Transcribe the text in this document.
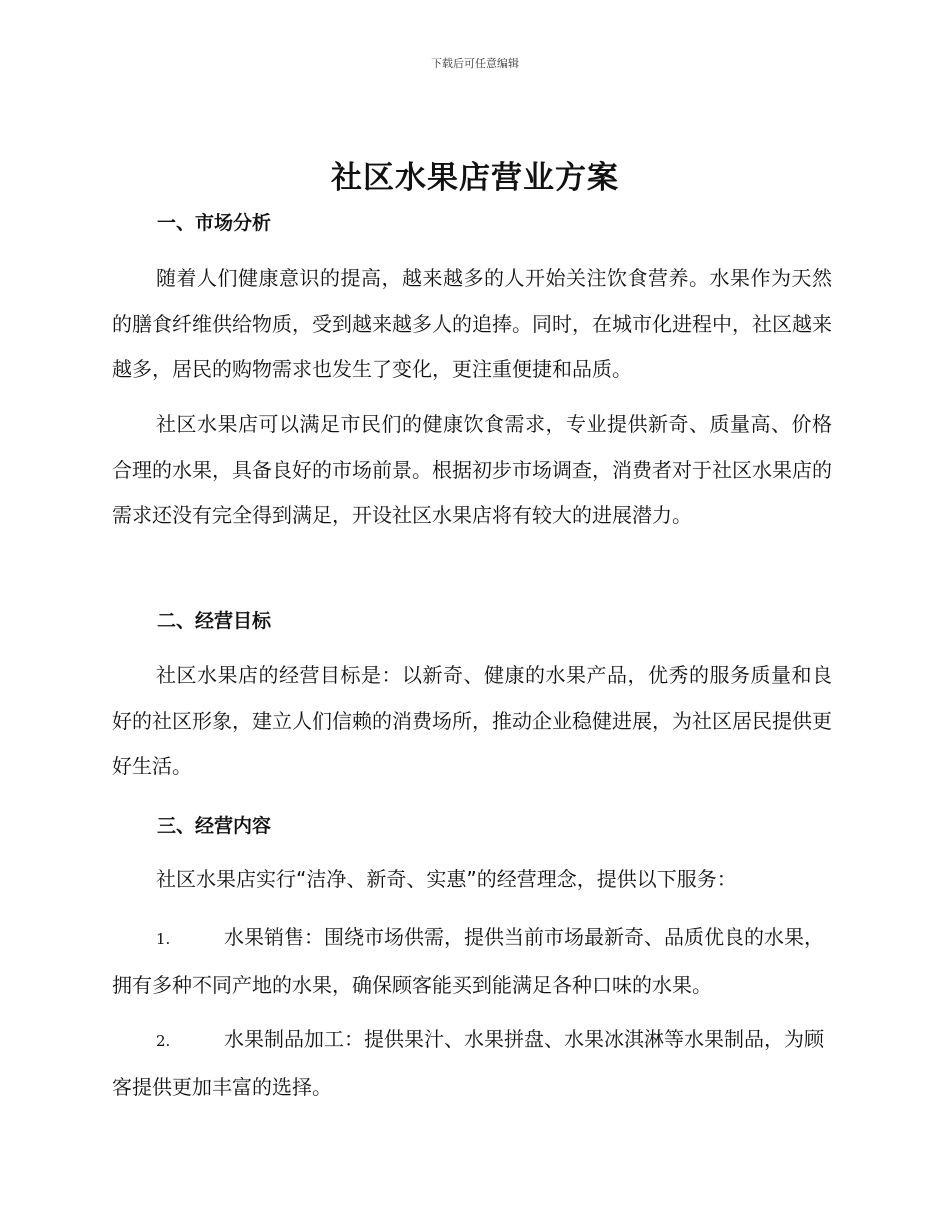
下载后可任意编辑
社区水果店营业方案
一、市场分析
随着人们健康意识的提高，越来越多的人开始关注饮食营养。水果作为天然的膳食纤维供给物质，受到越来越多人的追捧。同时，在城市化进程中，社区越来越多，居民的购物需求也发生了变化，更注重便捷和品质。
社区水果店可以满足市民们的健康饮食需求，专业提供新奇、质量高、价格合理的水果，具备良好的市场前景。根据初步市场调查，消费者对于社区水果店的需求还没有完全得到满足，开设社区水果店将有较大的进展潜力。
二、经营目标
社区水果店的经营目标是：以新奇、健康的水果产品，优秀的服务质量和良好的社区形象，建立人们信赖的消费场所，推动企业稳健进展，为社区居民提供更好生活。
三、经营内容
社区水果店实行“洁净、新奇、实惠”的经营理念，提供以下服务：
1.	水果销售：围绕市场供需，提供当前市场最新奇、品质优良的水果，拥有多种不同产地的水果，确保顾客能买到能满足各种口味的水果。
2.	水果制品加工：提供果汁、水果拼盘、水果冰淇淋等水果制品，为顾客提供更加丰富的选择。
